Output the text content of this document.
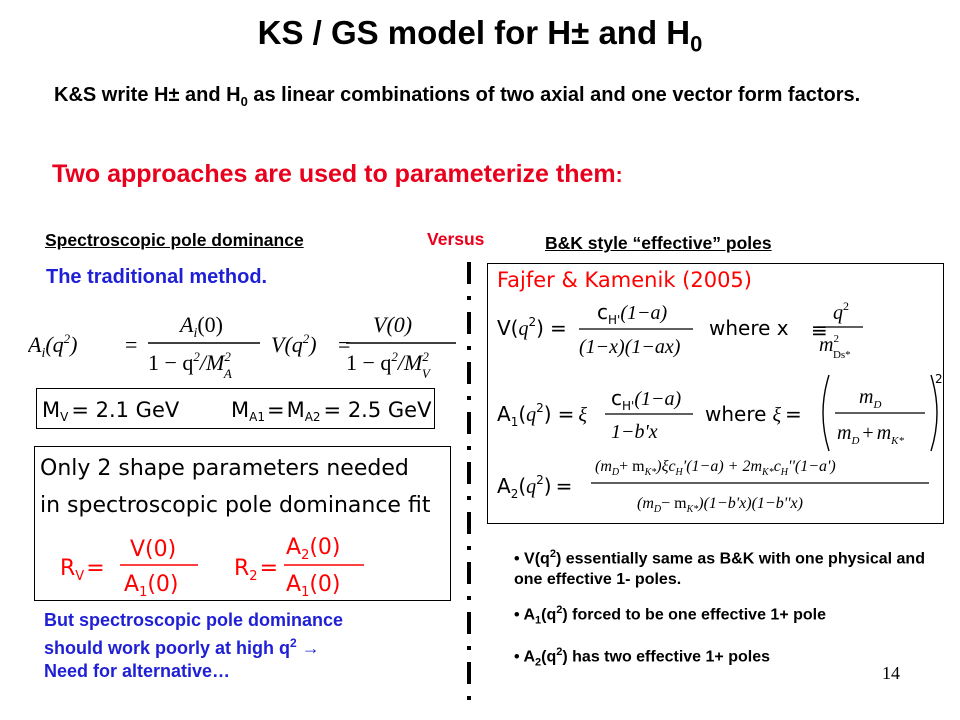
KS / GS model for H± and $H_0$
K&S write H± and $H_0$ as linear combinations of two axial and one vector form factors.
Two approaches are used to parameterize them:
Spectroscopic pole dominance	Versus	B&K style “effective” poles
The traditional method.
$A_i(q^2)$ =
$A_i(0)$
$1 - q^2/M^2$ A
$V(q^2)$ =
V(0)
$1 - q^2/M^2$ V
MV = 2.1 GeV MA1=MA2 = 2.5 GeV
Only 2 shape parameters needed
in spectroscopic pole dominance fit
$R_V=$
V(0)
$A_1(0)$
$R_2=$
$A_2(0)$
$A_1(0)$
Fajfer & Kamenik (2005)
$V(q^2)$ =
$c_{H'}(1-a)$
(1−x)(1−ax)
where x ≡
$q^2$
$m^2$ Ds*
$A_1(q^2) = \xi$
$c_{H'}(1-a)$
1−b'x
where ξ =
$m_D$
$m_D + m_{K*}$
2
$A_2(q^2)$ =
$(m_D+ m_{K*})\xi c_H'(1-a) + 2m_{K*}c_H''(1-a')$
$(m_D- m_{K*})(1-b'x)(1-b''x)$

• $V(q^2)$ essentially same as B&K with one physical and one effective 1- poles.

• $A_1(q^2)$ forced to be one effective 1+ pole

• $A_2(q^2)$ has two effective 1+ poles

But spectroscopic pole dominance
should work poorly at high $q^2$ →
Need for alternative…	14
